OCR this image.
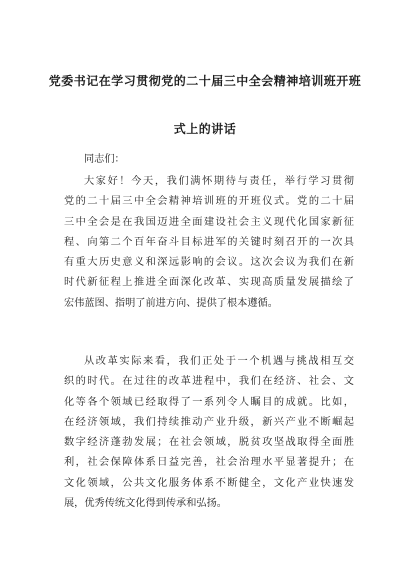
党委书记在学习贯彻党的二十届三中全会精神培训班开班
式上的讲话
同志们：
大家好！今天，我们满怀期待与责任，举行学习贯彻
党的二十届三中全会精神培训班的开班仪式。党的二十届
三中全会是在我国迈进全面建设社会主义现代化国家新征
程、向第二个百年奋斗目标进军的关键时刻召开的一次具
有重大历史意义和深远影响的会议。这次会议为我们在新
时代新征程上推进全面深化改革、实现高质量发展描绘了
宏伟蓝图、指明了前进方向、提供了根本遵循。
从改革实际来看，我们正处于一个机遇与挑战相互交
织的时代。在过往的改革进程中，我们在经济、社会、文
化等各个领域已经取得了一系列令人瞩目的成就。比如，
在经济领域，我们持续推动产业升级，新兴产业不断崛起
数字经济蓬勃发展；在社会领域，脱贫攻坚战取得全面胜
利，社会保障体系日益完善，社会治理水平显著提升；在
文化领域，公共文化服务体系不断健全，文化产业快速发
展，优秀传统文化得到传承和弘扬。
